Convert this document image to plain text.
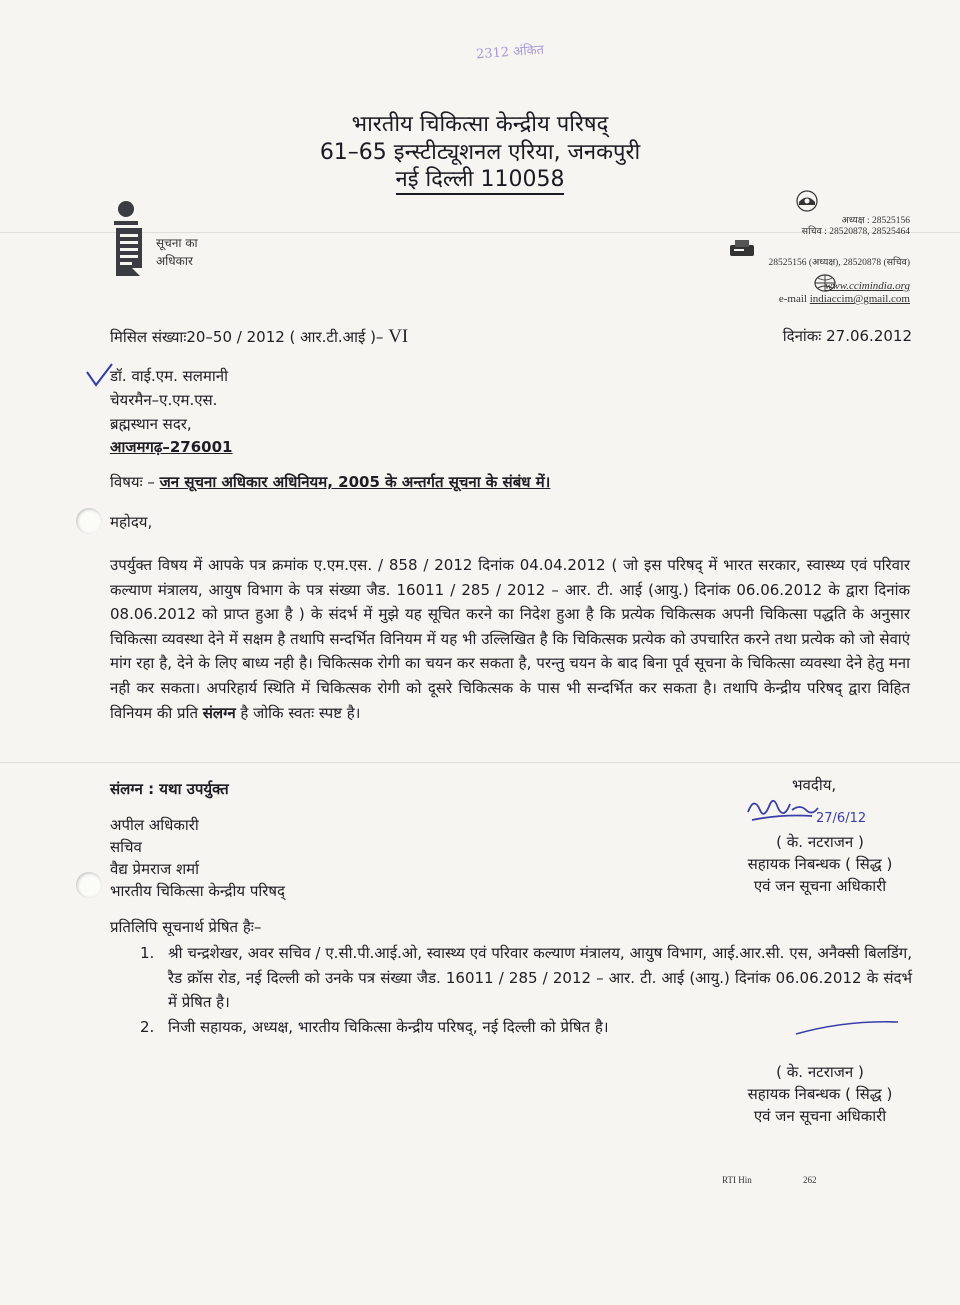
2312 अंकित
भारतीय चिकित्सा केन्द्रीय परिषद्
61–65 इन्स्टीट्यूशनल एरिया, जनकपुरी
नई दिल्ली 110058
सूचना का
अधिकार
अध्यक्ष : 28525156
सचिव : 28520878, 28525464
28525156 (अध्यक्ष), 28520878 (सचिव)
www.ccimindia.org
e-mail indiaccim@gmail.com
मिसिल संख्याः20–50 / 2012 ( आर.टी.आई )– VI	दिनांकः 27.06.2012
डॉ. वाई.एम. सलमानी
चेयरमैन–ए.एम.एस.
ब्रह्मस्थान सदर,
आजमगढ़–276001
विषयः – जन सूचना अधिकार अधिनियम, 2005 के अन्तर्गत सूचना के संबंध में।
महोदय,
उपर्युक्त विषय में आपके पत्र क्रमांक ए.एम.एस. / 858 / 2012 दिनांक 04.04.2012 ( जो इस परिषद् में भारत सरकार, स्वास्थ्य एवं परिवार कल्याण मंत्रालय, आयुष विभाग के पत्र संख्या जैड. 16011 / 285 / 2012 – आर. टी. आई (आयु.) दिनांक 06.06.2012 के द्वारा दिनांक 08.06.2012 को प्राप्त हुआ है ) के संदर्भ में मुझे यह सूचित करने का निदेश हुआ है कि प्रत्येक चिकित्सक अपनी चिकित्सा पद्धति के अनुसार चिकित्सा व्यवस्था देने में सक्षम है तथापि सन्दर्भित विनियम में यह भी उल्लिखित है कि चिकित्सक प्रत्येक को उपचारित करने तथा प्रत्येक को जो सेवाएं मांग रहा है, देने के लिए बाध्य नही है। चिकित्सक रोगी का चयन कर सकता है, परन्तु चयन के बाद बिना पूर्व सूचना के चिकित्सा व्यवस्था देने हेतु मना नही कर सकता। अपरिहार्य स्थिति में चिकित्सक रोगी को दूसरे चिकित्सक के पास भी सन्दर्भित कर सकता है। तथापि केन्द्रीय परिषद् द्वारा विहित विनियम की प्रति संलग्न है जोकि स्वतः स्पष्ट है।
संलग्न : यथा उपर्युक्त	भवदीय,
27/6/12
( के. नटराजन )
सहायक निबन्धक ( सिद्ध )
एवं जन सूचना अधिकारी
अपील अधिकारी
सचिव
वैद्य प्रेमराज शर्मा
भारतीय चिकित्सा केन्द्रीय परिषद्
प्रतिलिपि सूचनार्थ प्रेषित हैः–
1. श्री चन्द्रशेखर, अवर सचिव / ए.सी.पी.आई.ओ, स्वास्थ्य एवं परिवार कल्याण मंत्रालय, आयुष विभाग, आई.आर.सी. एस, अनैक्सी बिलडिंग, रैड क्रॉस रोड, नई दिल्ली को उनके पत्र संख्या जैड. 16011 / 285 / 2012 – आर. टी. आई (आयु.) दिनांक 06.06.2012 के संदर्भ में प्रेषित है।
2. निजी सहायक, अध्यक्ष, भारतीय चिकित्सा केन्द्रीय परिषद्, नई दिल्ली को प्रेषित है।
( के. नटराजन )
सहायक निबन्धक ( सिद्ध )
एवं जन सूचना अधिकारी
RTI Hin	262
